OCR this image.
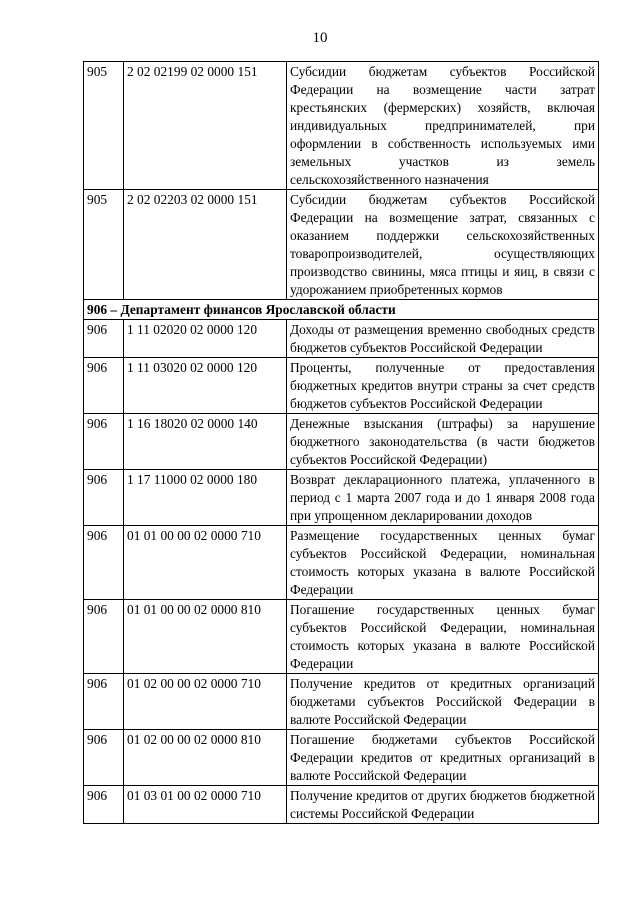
10
905	2 02 02199 02 0000 151	Субсидии бюджетам субъектов Российской Федерации на возмещение части затрат крестьянских (фермерских) хозяйств, включая индивидуальных предпринимателей, при оформлении в собственность используемых ими земельных участков из земель сельскохозяйственного назначения
905	2 02 02203 02 0000 151	Субсидии бюджетам субъектов Российской Федерации на возмещение затрат, связанных с оказанием поддержки сельскохозяйственных товаропроизводителей, осуществляющих производство свинины, мяса птицы и яиц, в связи с удорожанием приобретенных кормов
906 – Департамент финансов Ярославской области		
906	1 11 02020 02 0000 120	Доходы от размещения временно свободных средств бюджетов субъектов Российской Федерации
906	1 11 03020 02 0000 120	Проценты, полученные от предоставления бюджетных кредитов внутри страны за счет средств бюджетов субъектов Российской Федерации
906	1 16 18020 02 0000 140	Денежные взыскания (штрафы) за нарушение бюджетного законодательства (в части бюджетов субъектов Российской Федерации)
906	1 17 11000 02 0000 180	Возврат декларационного платежа, уплаченного в период с 1 марта 2007 года и до 1 января 2008 года при упрощенном декларировании доходов
906	01 01 00 00 02 0000 710	Размещение государственных ценных бумаг субъектов Российской Федерации, номинальная стоимость которых указана в валюте Российской Федерации
906	01 01 00 00 02 0000 810	Погашение государственных ценных бумаг субъектов Российской Федерации, номинальная стоимость которых указана в валюте Российской Федерации
906	01 02 00 00 02 0000 710	Получение кредитов от кредитных организаций бюджетами субъектов Российской Федерации в валюте Российской Федерации
906	01 02 00 00 02 0000 810	Погашение бюджетами субъектов Российской Федерации кредитов от кредитных организаций в валюте Российской Федерации
906	01 03 01 00 02 0000 710	Получение кредитов от других бюджетов бюджетной системы Российской Федерации
